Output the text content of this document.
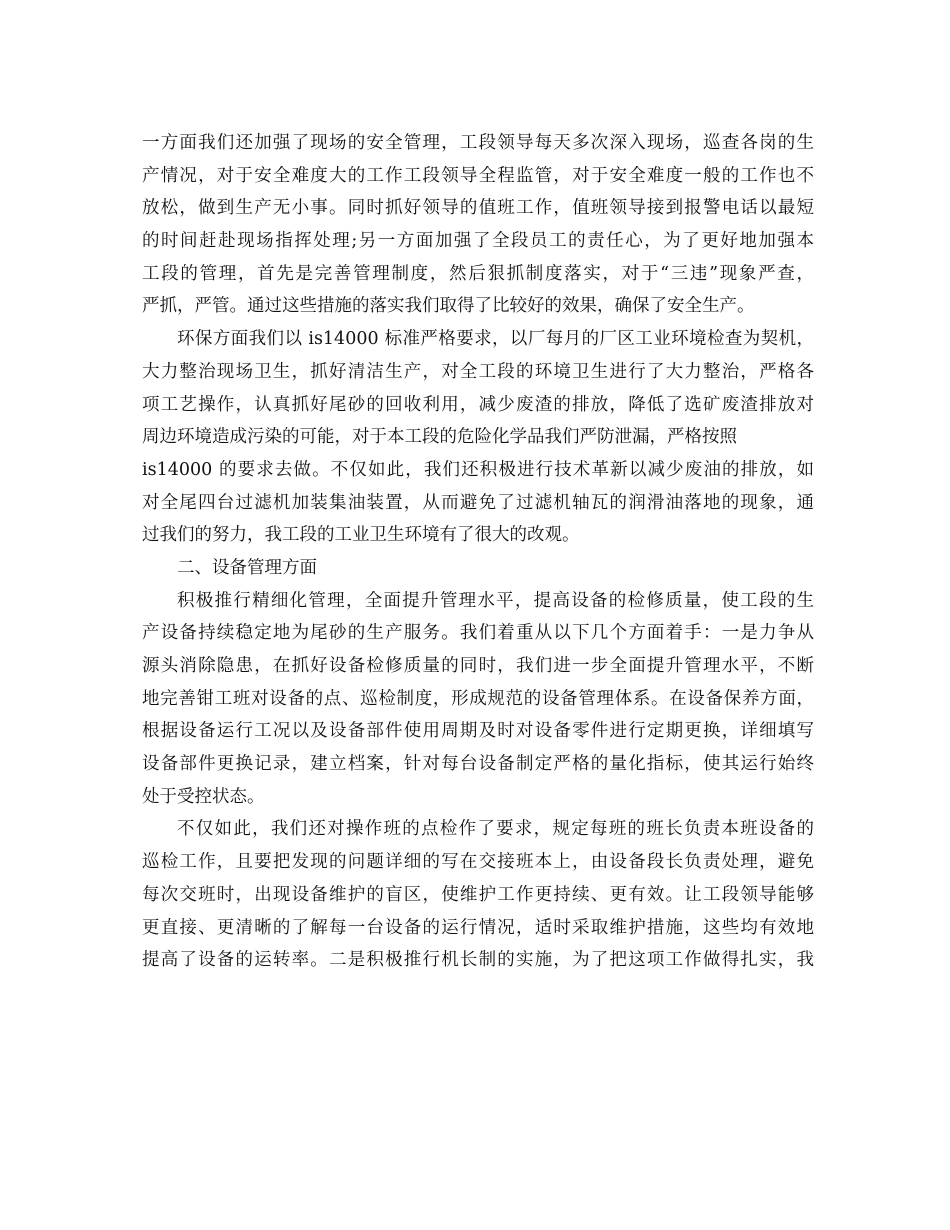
一方面我们还加强了现场的安全管理，工段领导每天多次深入现场，巡查各岗的生
产情况，对于安全难度大的工作工段领导全程监管，对于安全难度一般的工作也不
放松，做到生产无小事。同时抓好领导的值班工作，值班领导接到报警电话以最短
的时间赶赴现场指挥处理;另一方面加强了全段员工的责任心，为了更好地加强本
工段的管理，首先是完善管理制度，然后狠抓制度落实，对于“三违”现象严查，
严抓，严管。通过这些措施的落实我们取得了比较好的效果，确保了安全生产。
环保方面我们以 is14000 标准严格要求，以厂每月的厂区工业环境检查为契机，
大力整治现场卫生，抓好清洁生产，对全工段的环境卫生进行了大力整治，严格各
项工艺操作，认真抓好尾砂的回收利用，减少废渣的排放，降低了选矿废渣排放对
周边环境造成污染的可能，对于本工段的危险化学品我们严防泄漏，严格按照
is14000 的要求去做。不仅如此，我们还积极进行技术革新以减少废油的排放，如
对全尾四台过滤机加装集油装置，从而避免了过滤机轴瓦的润滑油落地的现象，通
过我们的努力，我工段的工业卫生环境有了很大的改观。
二、设备管理方面
积极推行精细化管理，全面提升管理水平，提高设备的检修质量，使工段的生
产设备持续稳定地为尾砂的生产服务。我们着重从以下几个方面着手：一是力争从
源头消除隐患，在抓好设备检修质量的同时，我们进一步全面提升管理水平，不断
地完善钳工班对设备的点、巡检制度，形成规范的设备管理体系。在设备保养方面，
根据设备运行工况以及设备部件使用周期及时对设备零件进行定期更换，详细填写
设备部件更换记录，建立档案，针对每台设备制定严格的量化指标，使其运行始终
处于受控状态。
不仅如此，我们还对操作班的点检作了要求，规定每班的班长负责本班设备的
巡检工作，且要把发现的问题详细的写在交接班本上，由设备段长负责处理，避免
每次交班时，出现设备维护的盲区，使维护工作更持续、更有效。让工段领导能够
更直接、更清晰的了解每一台设备的运行情况，适时采取维护措施，这些均有效地
提高了设备的运转率。二是积极推行机长制的实施，为了把这项工作做得扎实，我
